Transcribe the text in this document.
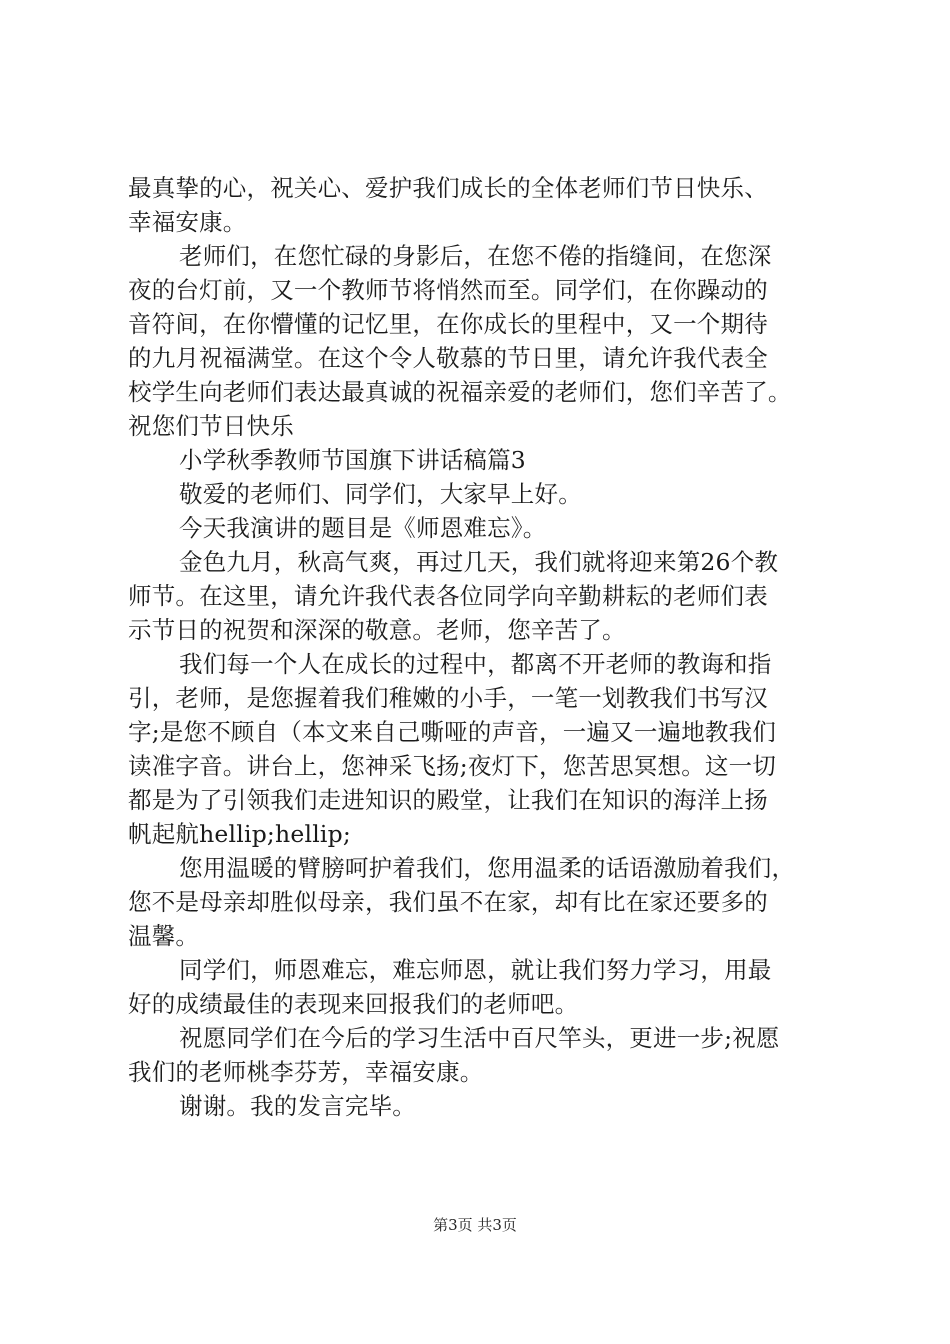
最真挚的心，祝关心、爱护我们成长的全体老师们节日快乐、
幸福安康。
老师们，在您忙碌的身影后，在您不倦的指缝间，在您深
夜的台灯前，又一个教师节将悄然而至。同学们，在你躁动的
音符间，在你懵懂的记忆里，在你成长的里程中，又一个期待
的九月祝福满堂。在这个令人敬慕的节日里，请允许我代表全
校学生向老师们表达最真诚的祝福亲爱的老师们，您们辛苦了。
祝您们节日快乐
小学秋季教师节国旗下讲话稿篇3
敬爱的老师们、同学们，大家早上好。
今天我演讲的题目是《师恩难忘》。
金色九月，秋高气爽，再过几天，我们就将迎来第26个教
师节。在这里，请允许我代表各位同学向辛勤耕耘的老师们表
示节日的祝贺和深深的敬意。老师，您辛苦了。
我们每一个人在成长的过程中，都离不开老师的教诲和指
引，老师，是您握着我们稚嫩的小手，一笔一划教我们书写汉
字;是您不顾自（本文来自己嘶哑的声音，一遍又一遍地教我们
读准字音。讲台上，您神采飞扬;夜灯下，您苦思冥想。这一切
都是为了引领我们走进知识的殿堂，让我们在知识的海洋上扬
帆起航hellip;hellip;
您用温暖的臂膀呵护着我们，您用温柔的话语激励着我们，
您不是母亲却胜似母亲，我们虽不在家，却有比在家还要多的
温馨。
同学们，师恩难忘，难忘师恩，就让我们努力学习，用最
好的成绩最佳的表现来回报我们的老师吧。
祝愿同学们在今后的学习生活中百尺竿头，更进一步;祝愿
我们的老师桃李芬芳，幸福安康。
谢谢。我的发言完毕。
第3页 共3页
